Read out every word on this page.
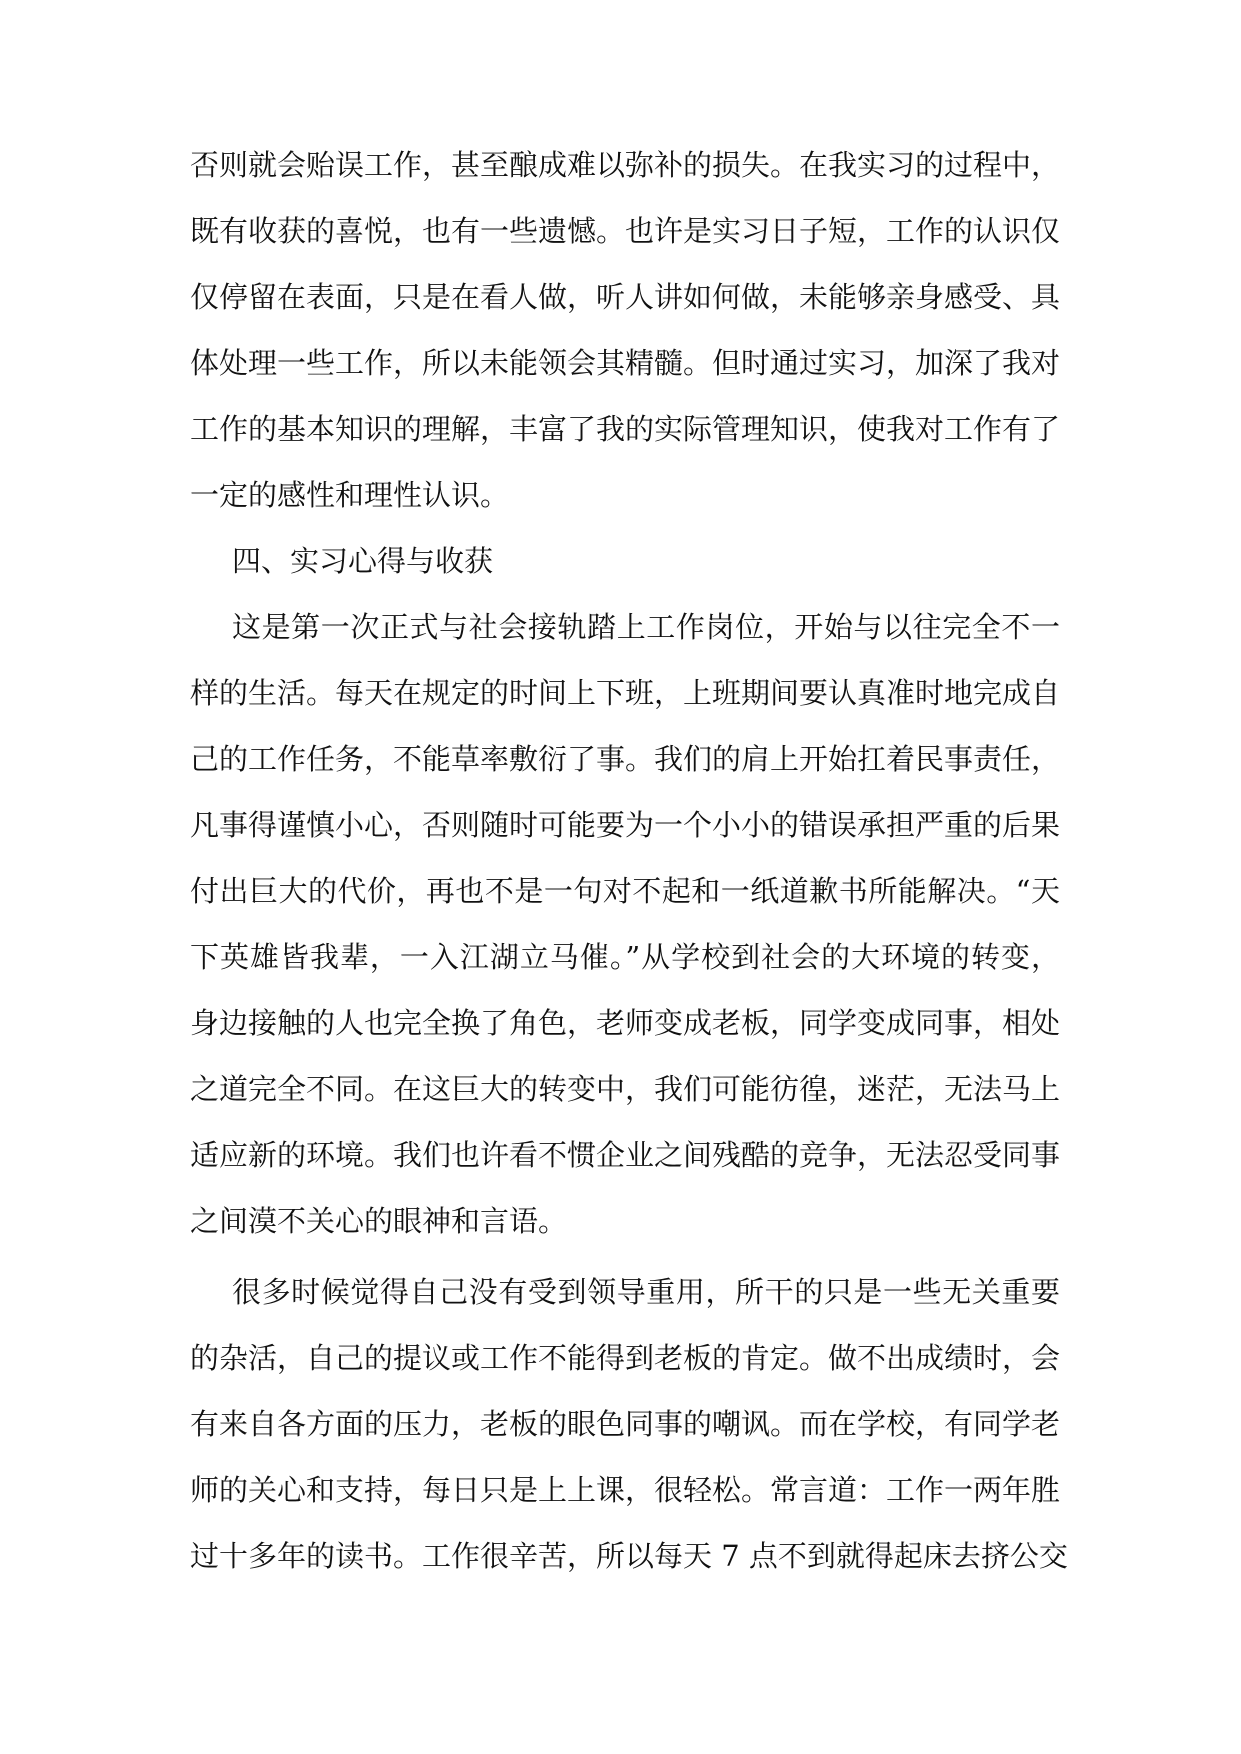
否则就会贻误工作，甚至酿成难以弥补的损失。在我实习的过程中，
既有收获的喜悦，也有一些遗憾。也许是实习日子短，工作的认识仅
仅停留在表面，只是在看人做，听人讲如何做，未能够亲身感受、具
体处理一些工作，所以未能领会其精髓。但时通过实习，加深了我对
工作的基本知识的理解，丰富了我的实际管理知识，使我对工作有了
一定的感性和理性认识。
四、实习心得与收获
这是第一次正式与社会接轨踏上工作岗位，开始与以往完全不一
样的生活。每天在规定的时间上下班，上班期间要认真准时地完成自
己的工作任务，不能草率敷衍了事。我们的肩上开始扛着民事责任，
凡事得谨慎小心，否则随时可能要为一个小小的错误承担严重的后果
付出巨大的代价，再也不是一句对不起和一纸道歉书所能解决。“天
下英雄皆我辈，一入江湖立马催。”从学校到社会的大环境的转变，
身边接触的人也完全换了角色，老师变成老板，同学变成同事，相处
之道完全不同。在这巨大的转变中，我们可能彷徨，迷茫，无法马上
适应新的环境。我们也许看不惯企业之间残酷的竞争，无法忍受同事
之间漠不关心的眼神和言语。
很多时候觉得自己没有受到领导重用，所干的只是一些无关重要
的杂活，自己的提议或工作不能得到老板的肯定。做不出成绩时，会
有来自各方面的压力，老板的眼色同事的嘲讽。而在学校，有同学老
师的关心和支持，每日只是上上课，很轻松。常言道：工作一两年胜
过十多年的读书。工作很辛苦，所以每天 7 点不到就得起床去挤公交
